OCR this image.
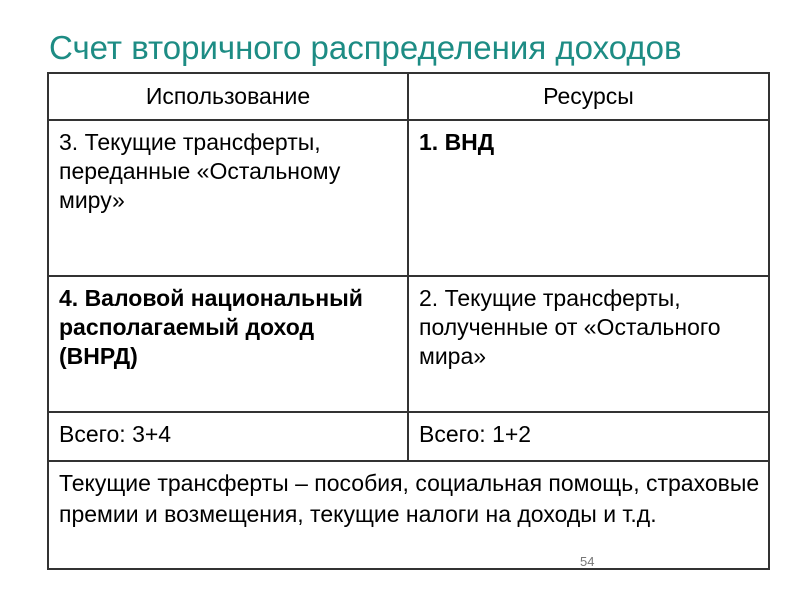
Счет вторичного распределения доходов
Использование	Ресурсы

3. Текущие трансферты, переданные «Остальному миру»	1. ВНД

4. Валовой национальный располагаемый доход (ВНРД)	2. Текущие трансферты, полученные от «Остального мира»

Всего: 3+4	Всего: 1+2

Текущие трансферты – пособия, социальная помощь, страховые премии и возмещения, текущие налоги на доходы и т.д.	
54
